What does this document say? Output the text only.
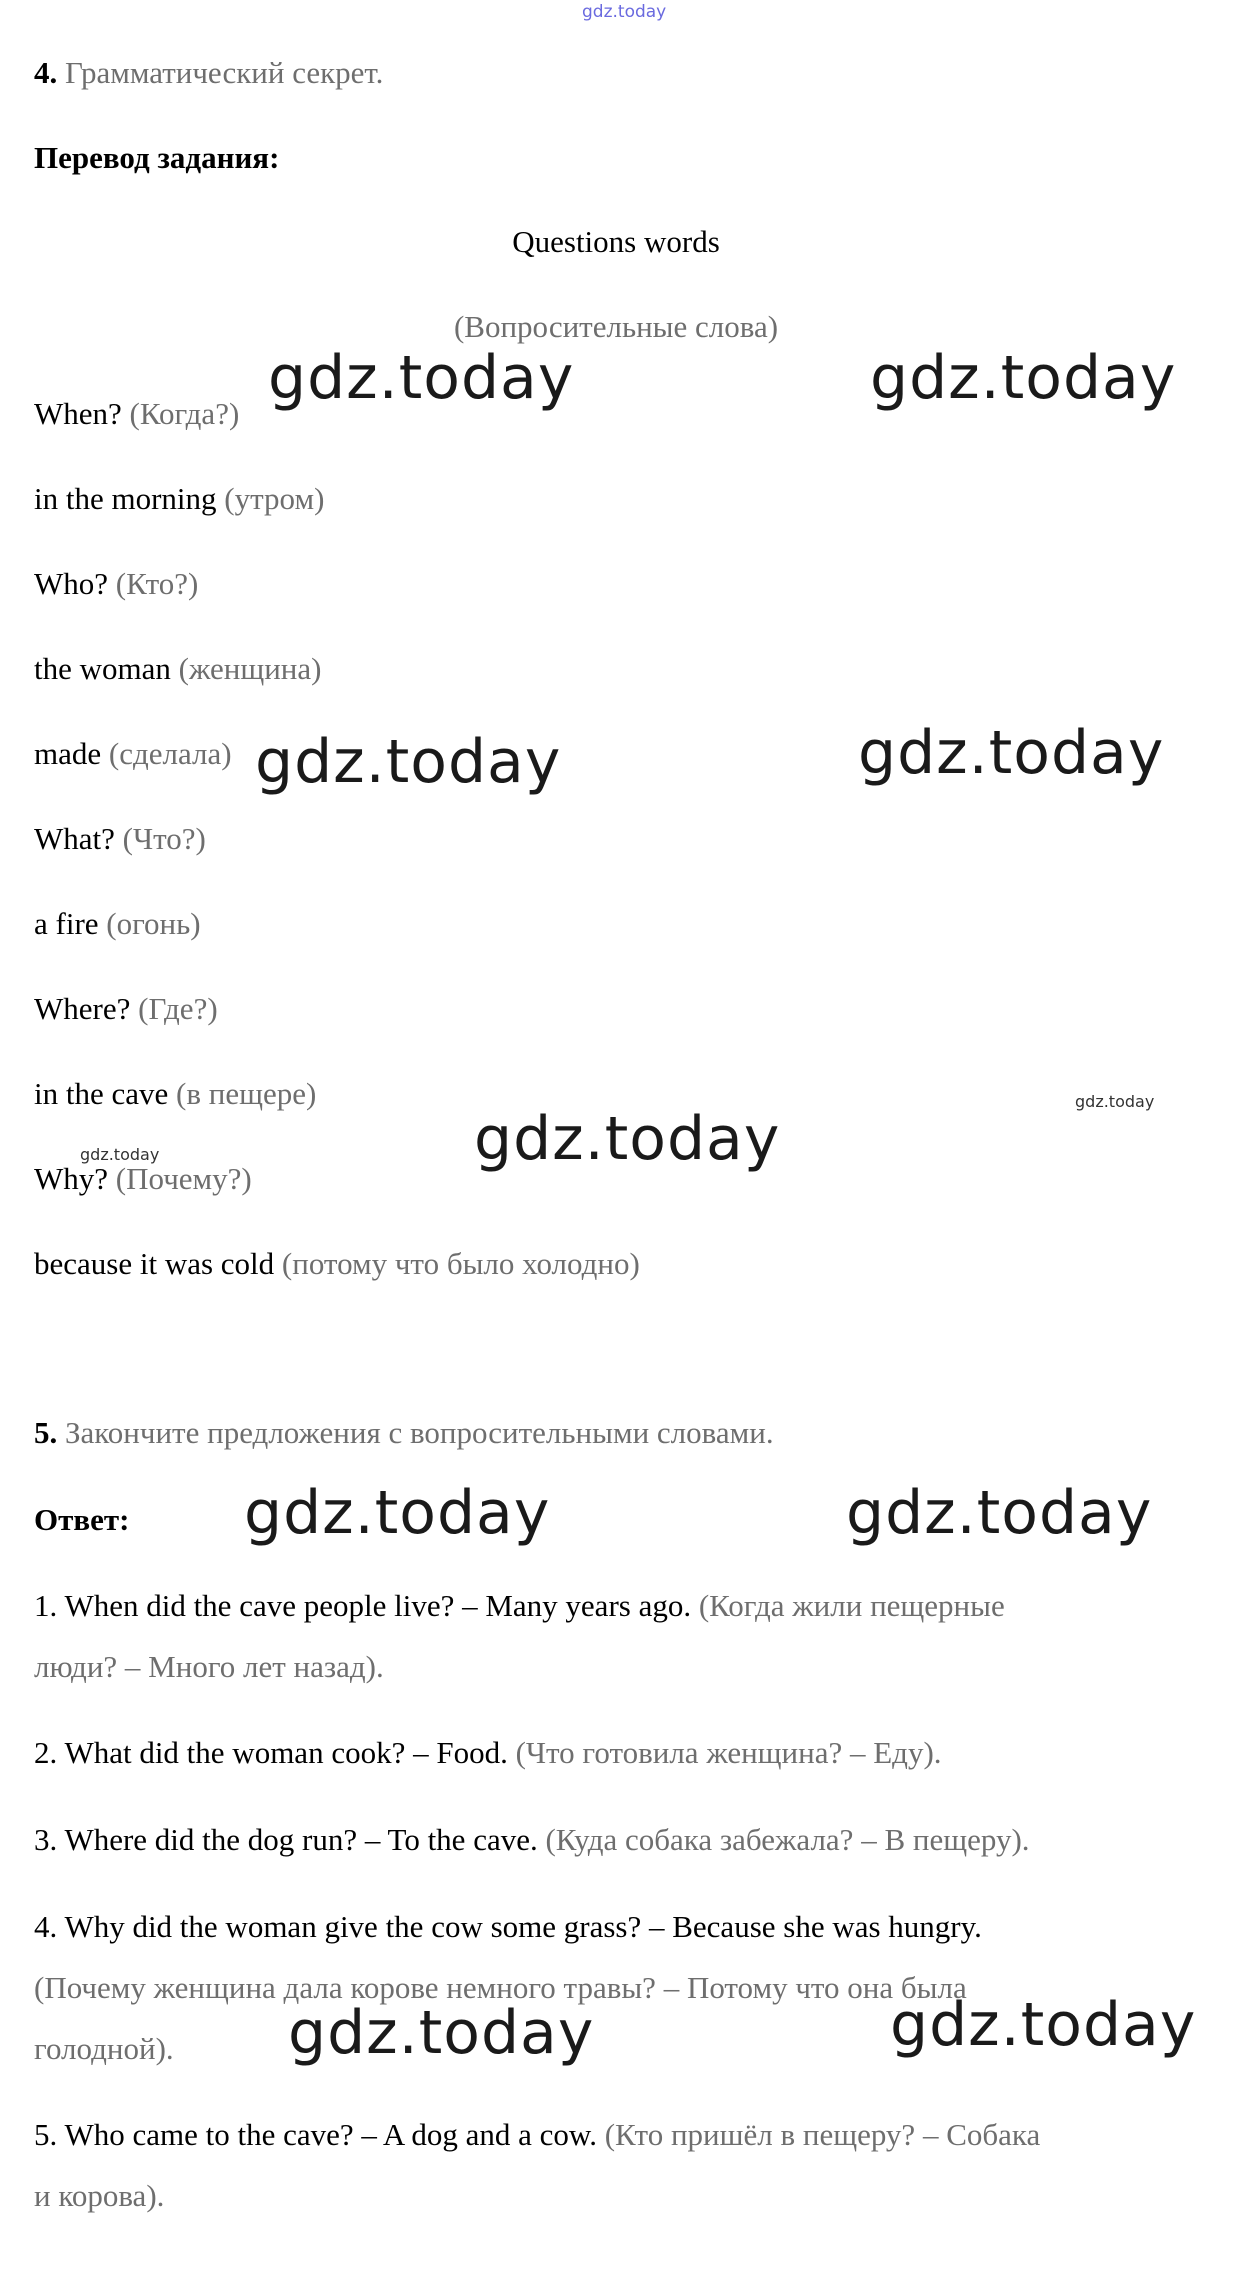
gdz.today
4. Грамматический секрет.
Перевод задания:
Questions words
(Вопросительные слова)
When? (Когда?)
in the morning (утром)
Who? (Кто?)
the woman (женщина)
made (сделала)
What? (Что?)
a fire (огонь)
Where? (Где?)
in the cave (в пещере)
Why? (Почему?)
because it was cold (потому что было холодно)
5. Закончите предложения с вопросительными словами.
Ответ:
1. When did the cave people live? – Many years ago. (Когда жили пещерные
люди? – Много лет назад).
2. What did the woman cook? – Food. (Что готовила женщина? – Еду).
3. Where did the dog run? – To the cave. (Куда собака забежала? – В пещеру).
4. Why did the woman give the cow some grass? – Because she was hungry.
(Почему женщина дала корове немного травы? – Потому что она была
голодной).
5. Who came to the cave? – A dog and a cow. (Кто пришёл в пещеру? – Собака
и корова).
gdz.today	gdz.today
gdz.today	gdz.today
gdz.today
gdz.today
gdz.today
gdz.today	gdz.today
gdz.today	gdz.today
